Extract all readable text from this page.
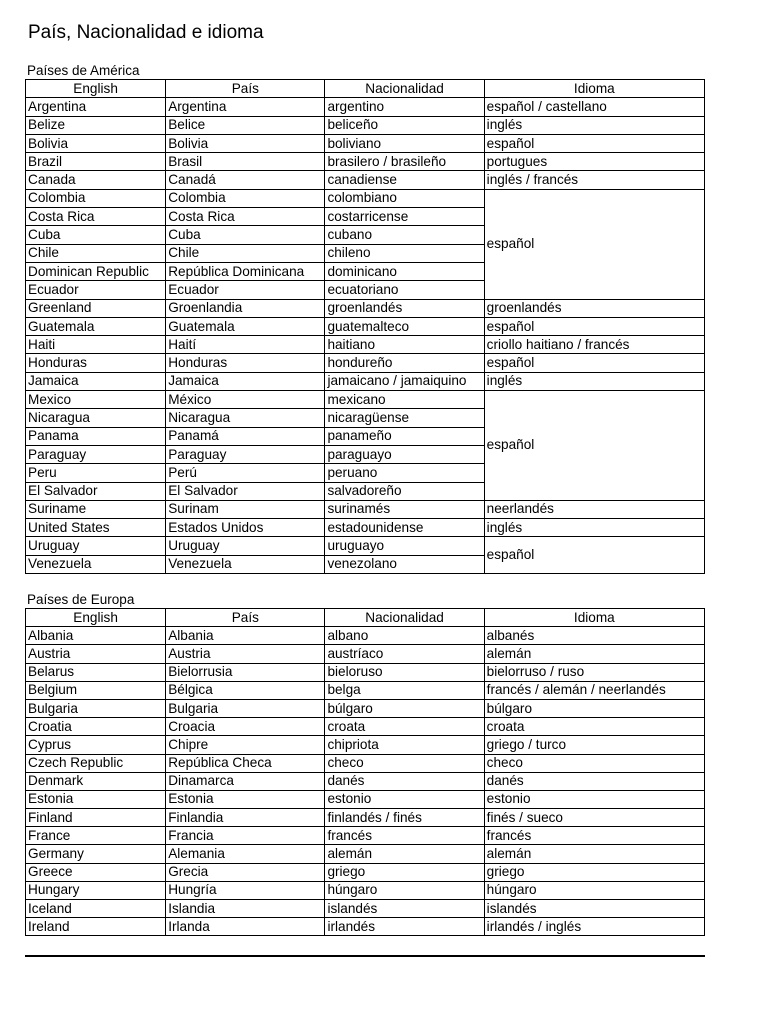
País, Nacionalidad e idioma
Países de América
English	País	Nacionalidad	Idioma
Argentina	Argentina	argentino	español / castellano
Belize	Belice	beliceño	inglés
Bolivia	Bolivia	boliviano	español
Brazil	Brasil	brasilero / brasileño	portugues
Canada	Canadá	canadiense	inglés / francés
Colombia	Colombia	colombiano	español
Costa Rica	Costa Rica	costarricense	
Cuba	Cuba	cubano	
Chile	Chile	chileno	
Dominican Republic	República Dominicana	dominicano	
Ecuador	Ecuador	ecuatoriano	
Greenland	Groenlandia	groenlandés	groenlandés
Guatemala	Guatemala	guatemalteco	español
Haiti	Haití	haitiano	criollo haitiano / francés
Honduras	Honduras	hondureño	español
Jamaica	Jamaica	jamaicano / jamaiquino	inglés
Mexico	México	mexicano	español
Nicaragua	Nicaragua	nicaragüense	
Panama	Panamá	panameño	
Paraguay	Paraguay	paraguayo	
Peru	Perú	peruano	
El Salvador	El Salvador	salvadoreño	
Suriname	Surinam	surinamés	neerlandés
United States	Estados Unidos	estadounidense	inglés
Uruguay	Uruguay	uruguayo	español
Venezuela	Venezuela	venezolano	
Países de Europa
English	País	Nacionalidad	Idioma
Albania	Albania	albano	albanés
Austria	Austria	austríaco	alemán
Belarus	Bielorrusia	bieloruso	bielorruso / ruso
Belgium	Bélgica	belga	francés / alemán / neerlandés
Bulgaria	Bulgaria	búlgaro	búlgaro
Croatia	Croacia	croata	croata
Cyprus	Chipre	chipriota	griego / turco
Czech Republic	República Checa	checo	checo
Denmark	Dinamarca	danés	danés
Estonia	Estonia	estonio	estonio
Finland	Finlandia	finlandés / finés	finés / sueco
France	Francia	francés	francés
Germany	Alemania	alemán	alemán
Greece	Grecia	griego	griego
Hungary	Hungría	húngaro	húngaro
Iceland	Islandia	islandés	islandés
Ireland	Irlanda	irlandés	irlandés / inglés
